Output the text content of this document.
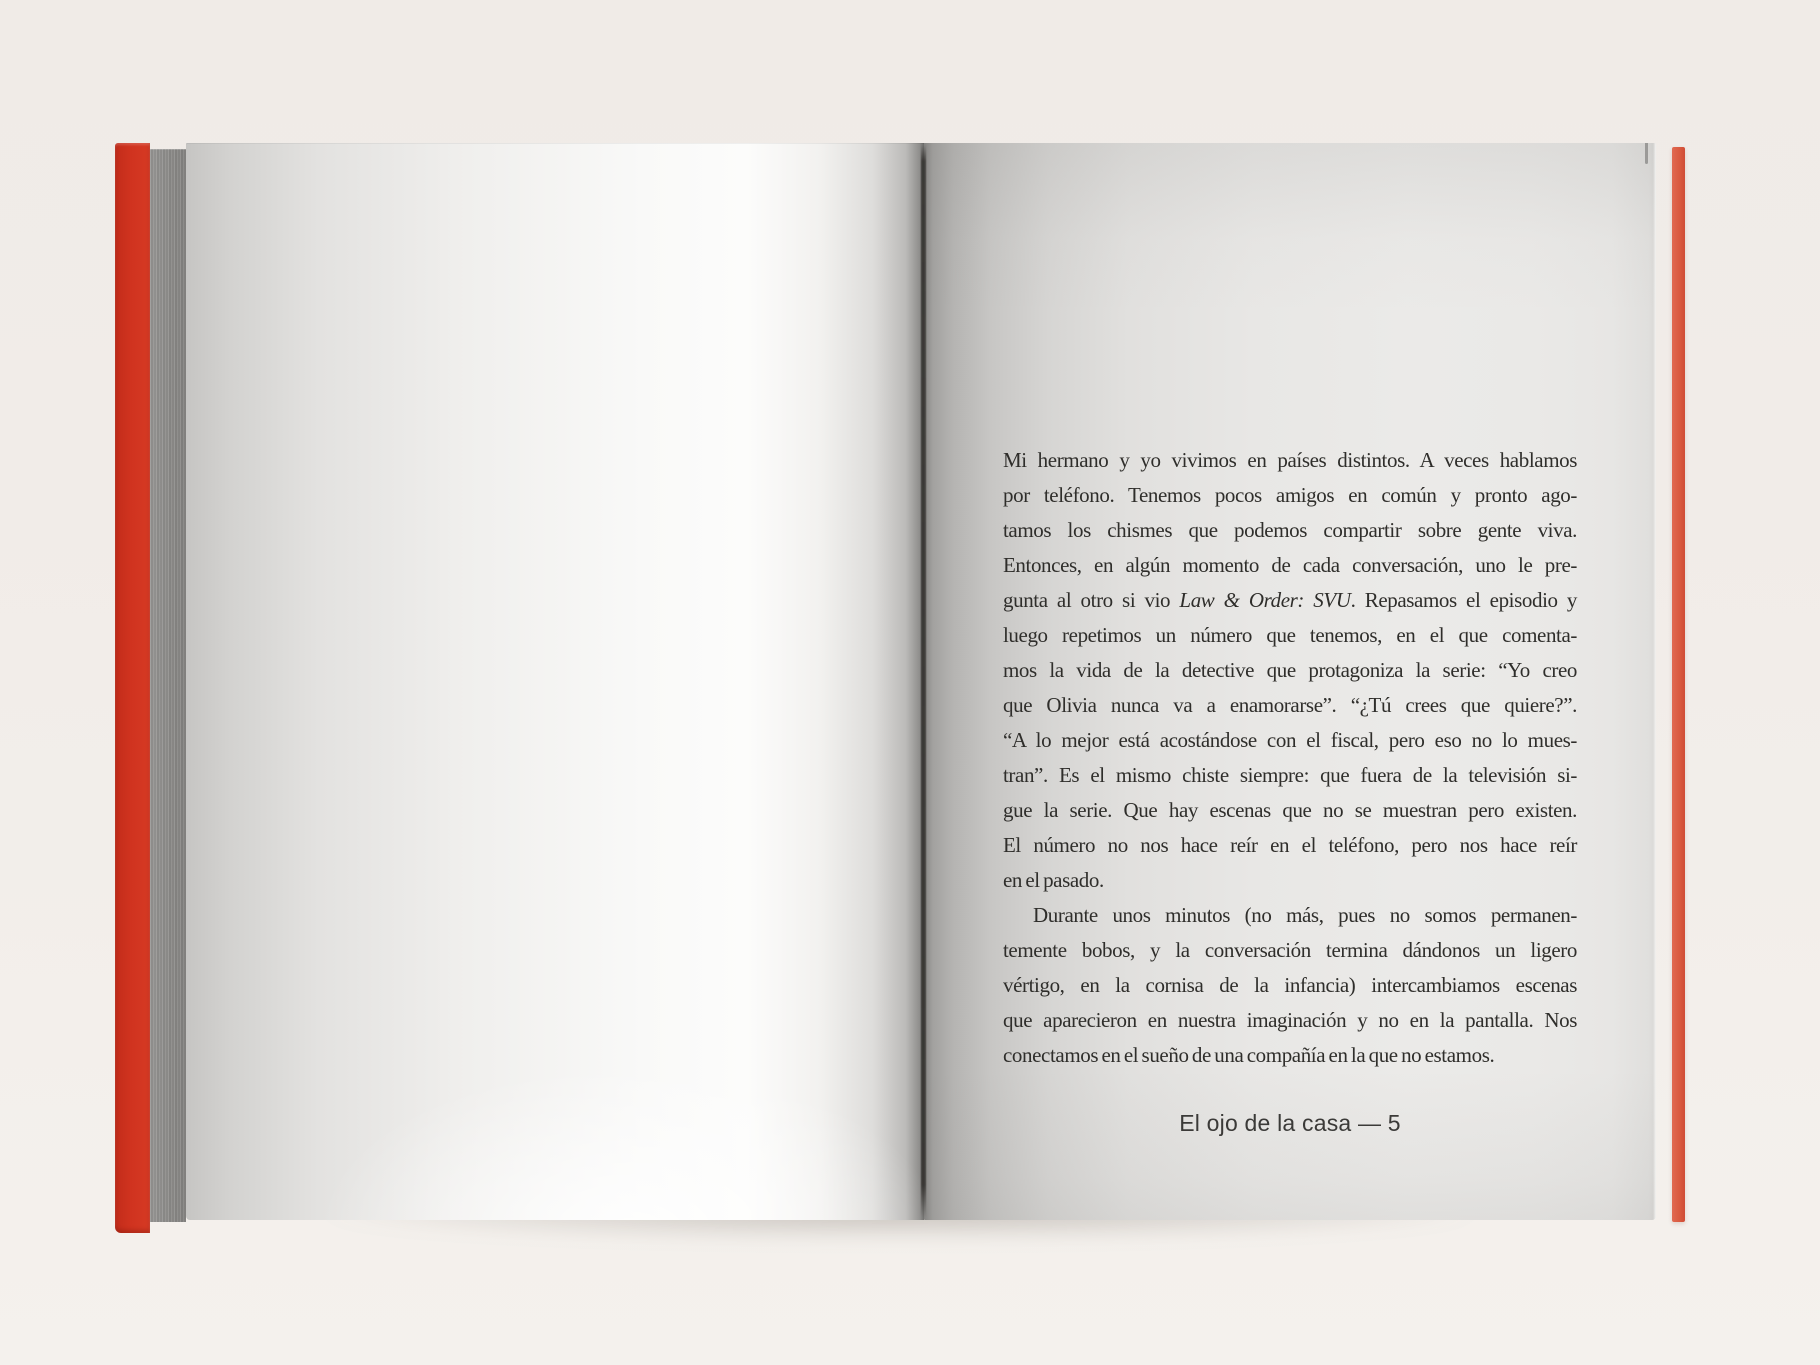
Mi hermano y yo vivimos en países distintos. A veces hablamos
por teléfono. Tenemos pocos amigos en común y pronto ago-
tamos los chismes que podemos compartir sobre gente viva.
Entonces, en algún momento de cada conversación, uno le pre-
gunta al otro si vio Law & Order: SVU. Repasamos el episodio y
luego repetimos un número que tenemos, en el que comenta-
mos la vida de la detective que protagoniza la serie: “Yo creo
que Olivia nunca va a enamorarse”. “¿Tú crees que quiere?”.
“A lo mejor está acostándose con el fiscal, pero eso no lo mues-
tran”. Es el mismo chiste siempre: que fuera de la televisión si-
gue la serie. Que hay escenas que no se muestran pero existen.
El número no nos hace reír en el teléfono, pero nos hace reír
en el pasado.
Durante unos minutos (no más, pues no somos permanen-
temente bobos, y la conversación termina dándonos un ligero
vértigo, en la cornisa de la infancia) intercambiamos escenas
que aparecieron en nuestra imaginación y no en la pantalla. Nos
conectamos en el sueño de una compañía en la que no estamos.
El ojo de la casa — 5
